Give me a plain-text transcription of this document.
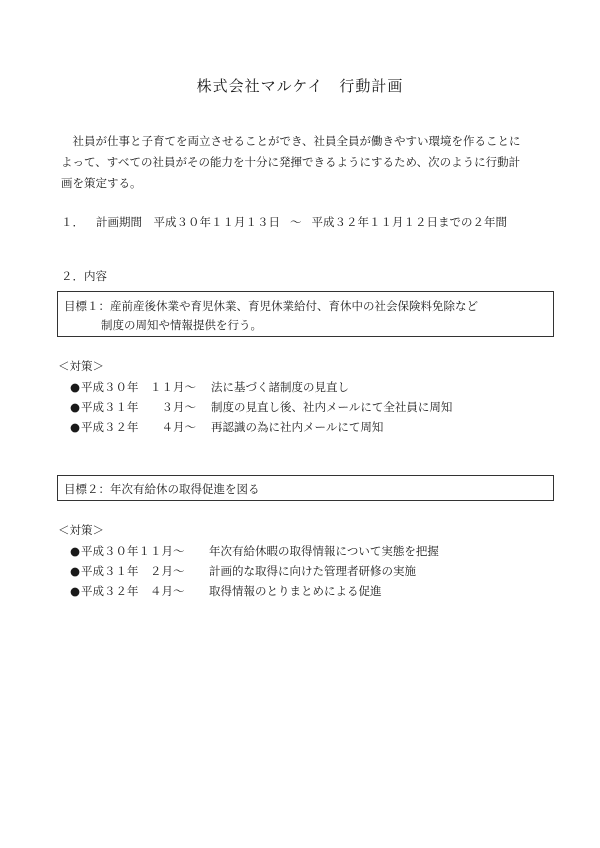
株式会社マルケイ　行動計画

　社員が仕事と子育てを両立させることができ、社員全員が働きやすい環境を作ることに

よって、すべての社員がその能力を十分に発揮できるようにするため、次のように行動計

画を策定する。

１． 計画期間　 平成３０年１１月１３日 ～ 平成３２年１１月１２日までの２年間
２．内容
目標１：産前産後休業や育児休業、育児休業給付、育休中の社会保険料免除など
制度の周知や情報提供を行う。
＜対策＞
● 平成３０年　１１月～	法に基づく諸制度の見直し
● 平成３１年　　３月～	制度の見直し後、社内メールにて全社員に周知
● 平成３２年　　４月～	再認識の為に社内メールにて周知
目標２：年次有給休の取得促進を図る
＜対策＞
● 平成３０年１１月～	年次有給休暇の取得情報について実態を把握
● 平成３１年　２月～	計画的な取得に向けた管理者研修の実施
● 平成３２年　４月～	取得情報のとりまとめによる促進
